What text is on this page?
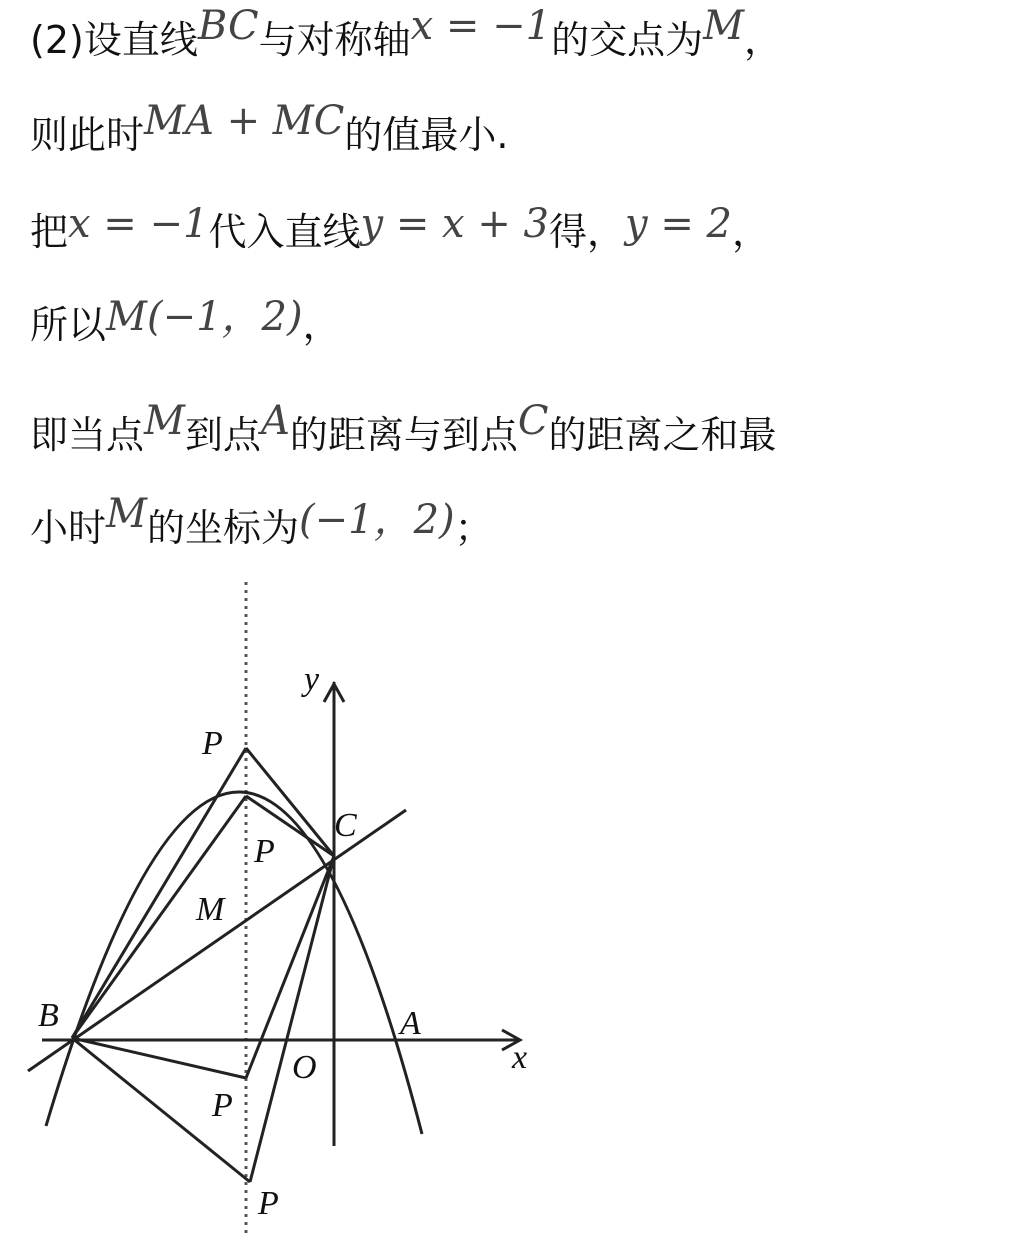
(2)设直线BC与对称轴x = −1的交点为M，
则此时MA + MC的值最小.
把x = −1代入直线y = x + 3得，y = 2，
所以M(−1，2)，
即当点M到点A的距离与到点C的距离之和最
小时M的坐标为(−1，2)；
y
x
O
A
B
C
M
P
P
P
P
